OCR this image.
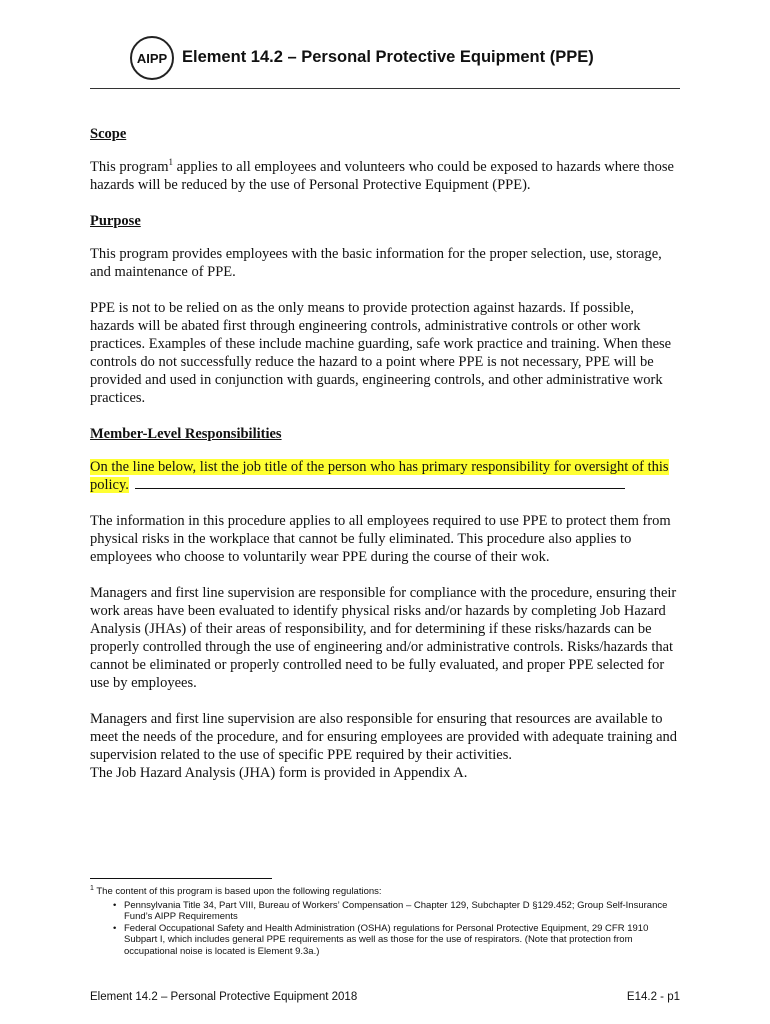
AIPP Element 14.2 – Personal Protective Equipment (PPE)
Scope

This program$^1$ applies to all employees and volunteers who could be exposed to hazards where those hazards will be reduced by the use of Personal Protective Equipment (PPE).

Purpose

This program provides employees with the basic information for the proper selection, use, storage, and maintenance of PPE.

PPE is not to be relied on as the only means to provide protection against hazards. If possible, hazards will be abated first through engineering controls, administrative controls or other work practices. Examples of these include machine guarding, safe work practice and training. When these controls do not successfully reduce the hazard to a point where PPE is not necessary, PPE will be provided and used in conjunction with guards, engineering controls, and other administrative work practices.

Member-Level Responsibilities

On the line below, list the job title of the person who has primary responsibility for oversight of this policy.

The information in this procedure applies to all employees required to use PPE to protect them from physical risks in the workplace that cannot be fully eliminated. This procedure also applies to employees who choose to voluntarily wear PPE during the course of their wok.

Managers and first line supervision are responsible for compliance with the procedure, ensuring their work areas have been evaluated to identify physical risks and/or hazards by completing Job Hazard Analysis (JHAs) of their areas of responsibility, and for determining if these risks/hazards can be properly controlled through the use of engineering and/or administrative controls. Risks/hazards that cannot be eliminated or properly controlled need to be fully evaluated, and proper PPE selected for use by employees.

Managers and first line supervision are also responsible for ensuring that resources are available to meet the needs of the procedure, and for ensuring employees are provided with adequate training and supervision related to the use of specific PPE required by their activities.

The Job Hazard Analysis (JHA) form is provided in Appendix A.

$^1$ The content of this program is based upon the following regulations:
• Pennsylvania Title 34, Part VIII, Bureau of Workers’ Compensation – Chapter 129, Subchapter D §129.452; Group Self-Insurance Fund’s AIPP Requirements
• Federal Occupational Safety and Health Administration (OSHA) regulations for Personal Protective Equipment, 29 CFR 1910 Subpart I, which includes general PPE requirements as well as those for the use of respirators. (Note that protection from occupational noise is located is Element 9.3a.)
Element 14.2 – Personal Protective Equipment 2018	E14.2 - p1
